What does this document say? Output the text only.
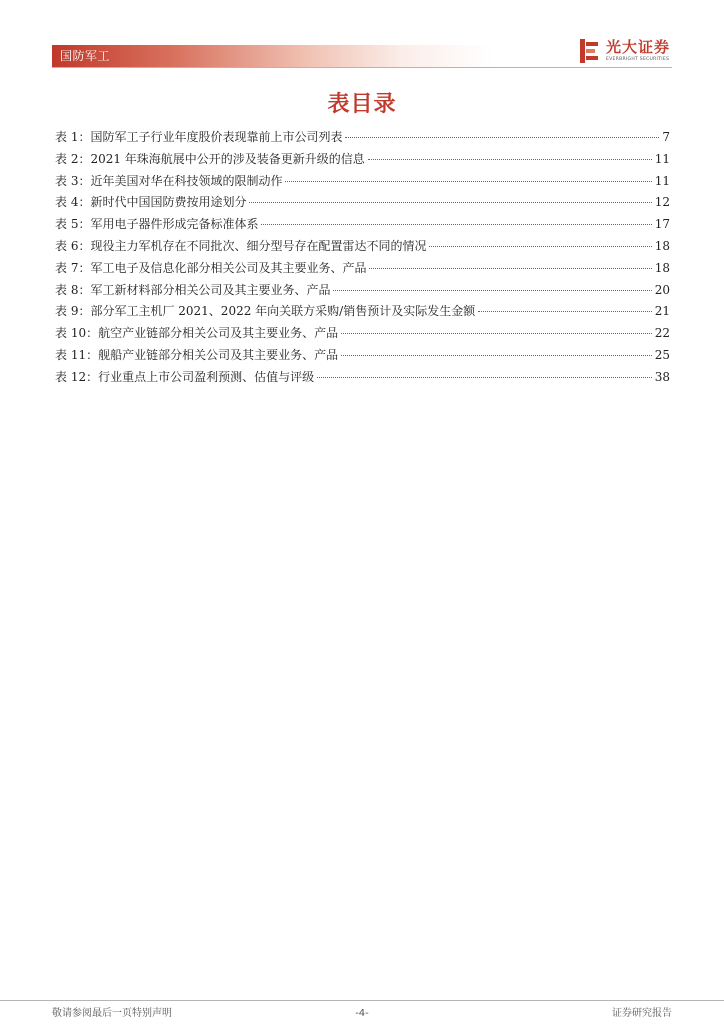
国防军工	光大证券
EVERBRIGHT SECURITIES
表目录
表 1：国防军工子行业年度股价表现靠前上市公司列表	7
表 2：2021 年珠海航展中公开的涉及装备更新升级的信息	11
表 3：近年美国对华在科技领域的限制动作	11
表 4：新时代中国国防费按用途划分	12
表 5：军用电子器件形成完备标准体系	17
表 6：现役主力军机存在不同批次、细分型号存在配置雷达不同的情况	18
表 7：军工电子及信息化部分相关公司及其主要业务、产品	18
表 8：军工新材料部分相关公司及其主要业务、产品	20
表 9：部分军工主机厂 2021、2022 年向关联方采购/销售预计及实际发生金额	21
表 10：航空产业链部分相关公司及其主要业务、产品	22
表 11：舰船产业链部分相关公司及其主要业务、产品	25
表 12：行业重点上市公司盈利预测、估值与评级	38
敬请参阅最后一页特别声明	-4-	证券研究报告
